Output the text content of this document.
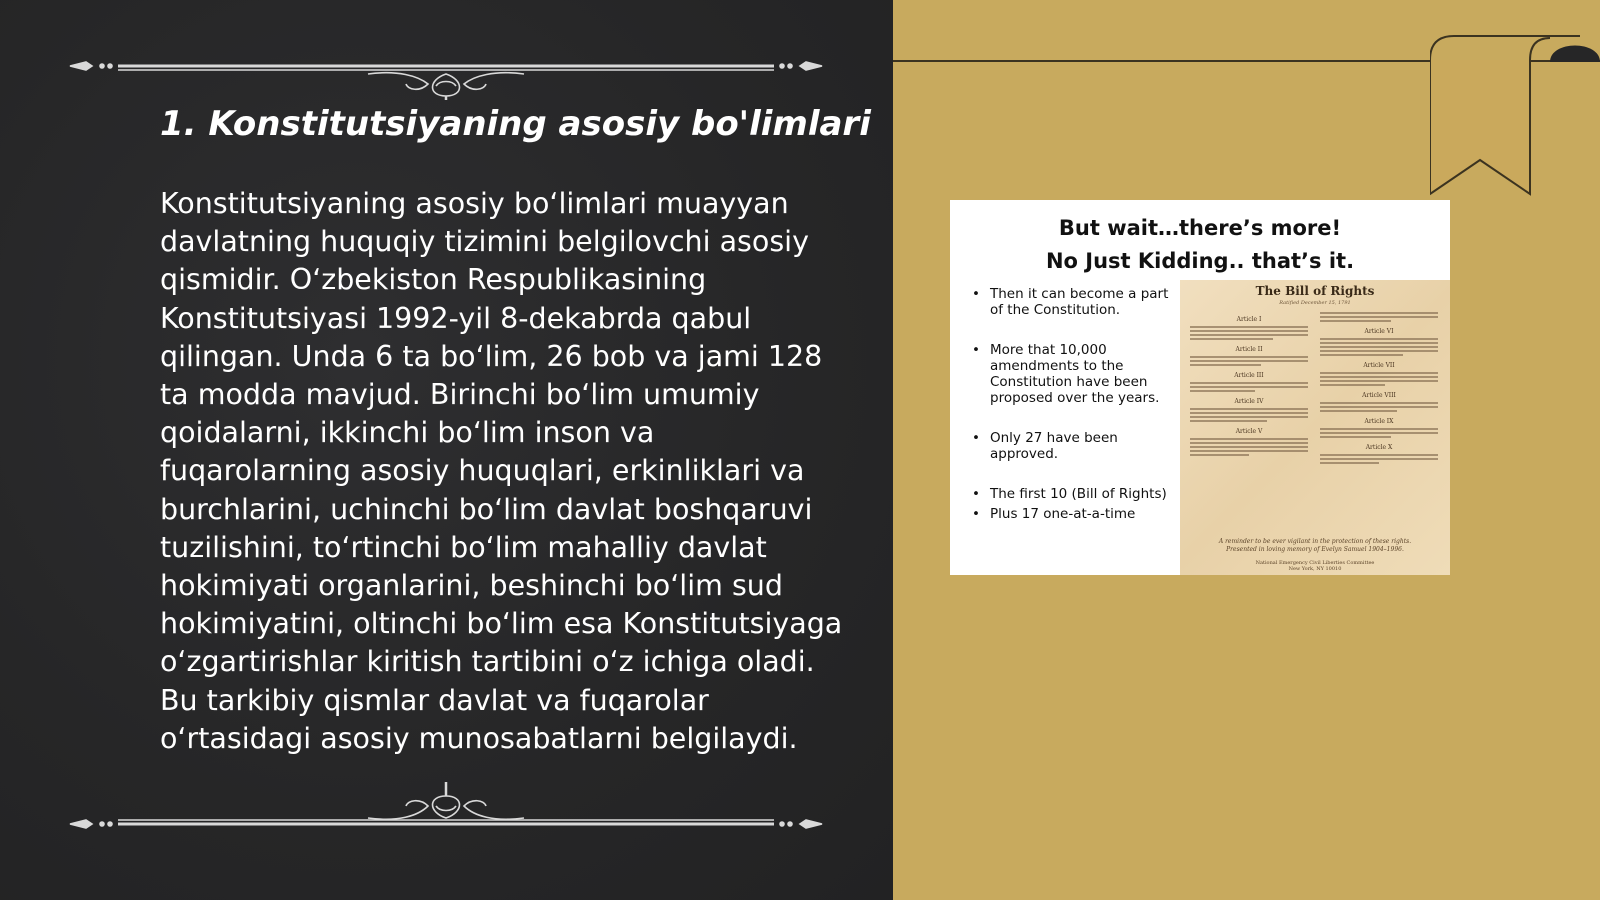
1. Konstitutsiyaning asosiy bo'limlari

Konstitutsiyaning asosiy boʻlimlari muayyan davlatning huquqiy tizimini belgilovchi asosiy qismidir. Oʻzbekiston Respublikasining Konstitutsiyasi 1992-yil 8-dekabrda qabul qilingan. Unda 6 ta boʻlim, 26 bob va jami 128 ta modda mavjud. Birinchi boʻlim umumiy qoidalarni, ikkinchi boʻlim inson va fuqarolarning asosiy huquqlari, erkinliklari va burchlarini, uchinchi boʻlim davlat boshqaruvi tuzilishini, toʻrtinchi boʻlim mahalliy davlat hokimiyati organlarini, beshinchi boʻlim sud hokimiyatini, oltinchi boʻlim esa Konstitutsiyaga oʻzgartirishlar kiritish tartibini oʻz ichiga oladi. Bu tarkibiy qismlar davlat va fuqarolar oʻrtasidagi asosiy munosabatlarni belgilaydi.

But wait…there’s more!
No Just Kidding.. that’s it.
• Then it can become a part of the Constitution.
• More that 10,000 amendments to the Constitution have been proposed over the years.
• Only 27 have been approved.
• The first 10 (Bill of Rights)
• Plus 17 one-at-a-time
The Bill of Rights
Ratified December 15, 1791
Article I
Article II
Article III
Article IV
Article V
Article VI
Article VII
Article VIII
Article IX
Article X
A reminder to be ever vigilant in the protection of these rights.
Presented in loving memory of Evelyn Samuel 1904–1996.
National Emergency Civil Liberties Committee
New York, NY 10010
